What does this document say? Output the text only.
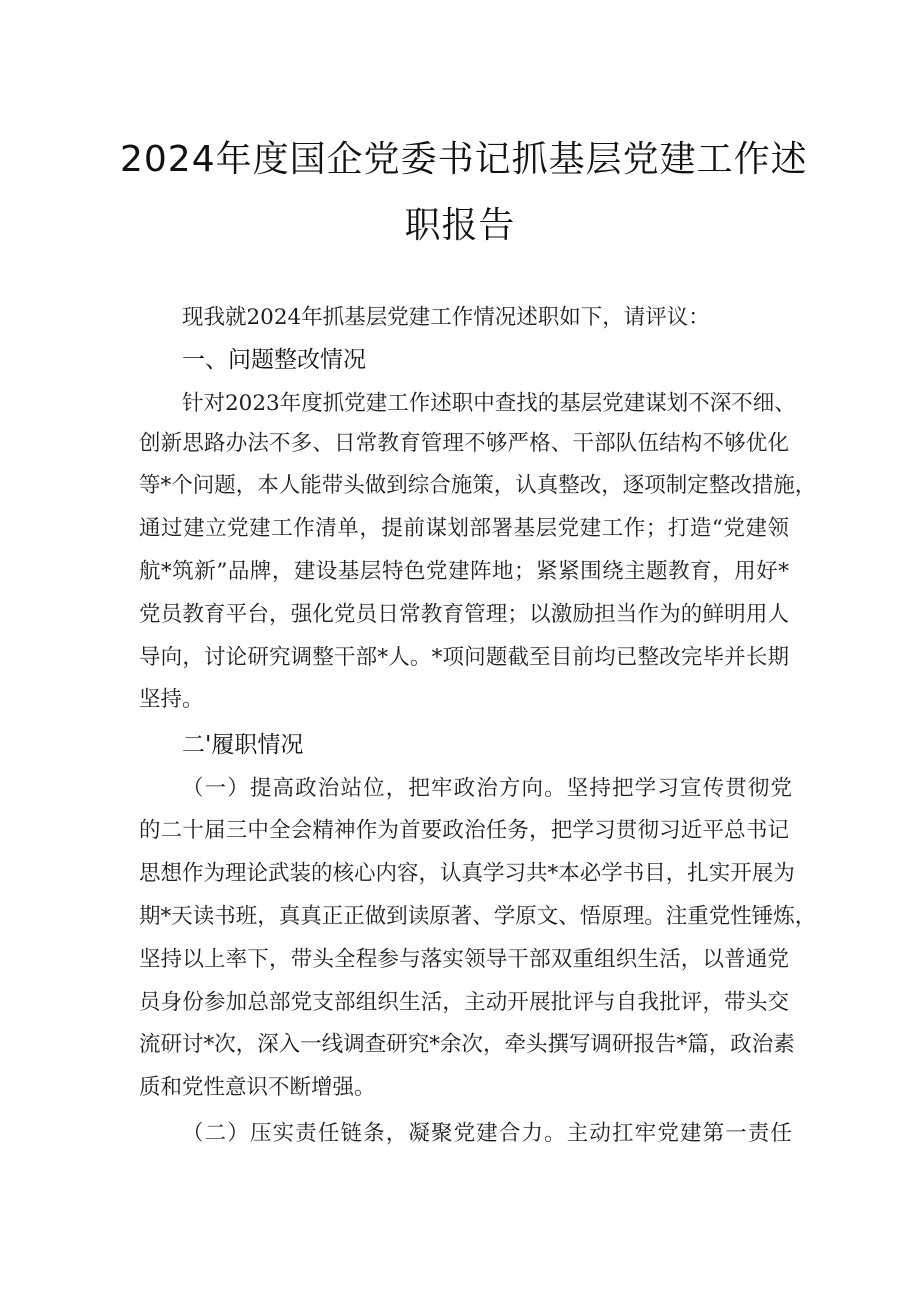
2024年度国企党委书记抓基层党建工作述
职报告
现我就2024年抓基层党建工作情况述职如下，请评议：
一、问题整改情况
针对2023年度抓党建工作述职中查找的基层党建谋划不深不细、
创新思路办法不多、日常教育管理不够严格、干部队伍结构不够优化
等*个问题，本人能带头做到综合施策，认真整改，逐项制定整改措施，
通过建立党建工作清单，提前谋划部署基层党建工作；打造“党建领
航*筑新”品牌，建设基层特色党建阵地；紧紧围绕主题教育，用好*
党员教育平台，强化党员日常教育管理；以激励担当作为的鲜明用人
导向，讨论研究调整干部*人。*项问题截至目前均已整改完毕并长期
坚持。
二'履职情况
（一）提高政治站位，把牢政治方向。坚持把学习宣传贯彻党
的二十届三中全会精神作为首要政治任务，把学习贯彻习近平总书记
思想作为理论武装的核心内容，认真学习共*本必学书目，扎实开展为
期*天读书班，真真正正做到读原著、学原文、悟原理。注重党性锤炼，
坚持以上率下，带头全程参与落实领导干部双重组织生活，以普通党
员身份参加总部党支部组织生活，主动开展批评与自我批评，带头交
流研讨*次，深入一线调查研究*余次，牵头撰写调研报告*篇，政治素
质和党性意识不断增强。
（二）压实责任链条，凝聚党建合力。主动扛牢党建第一责任
